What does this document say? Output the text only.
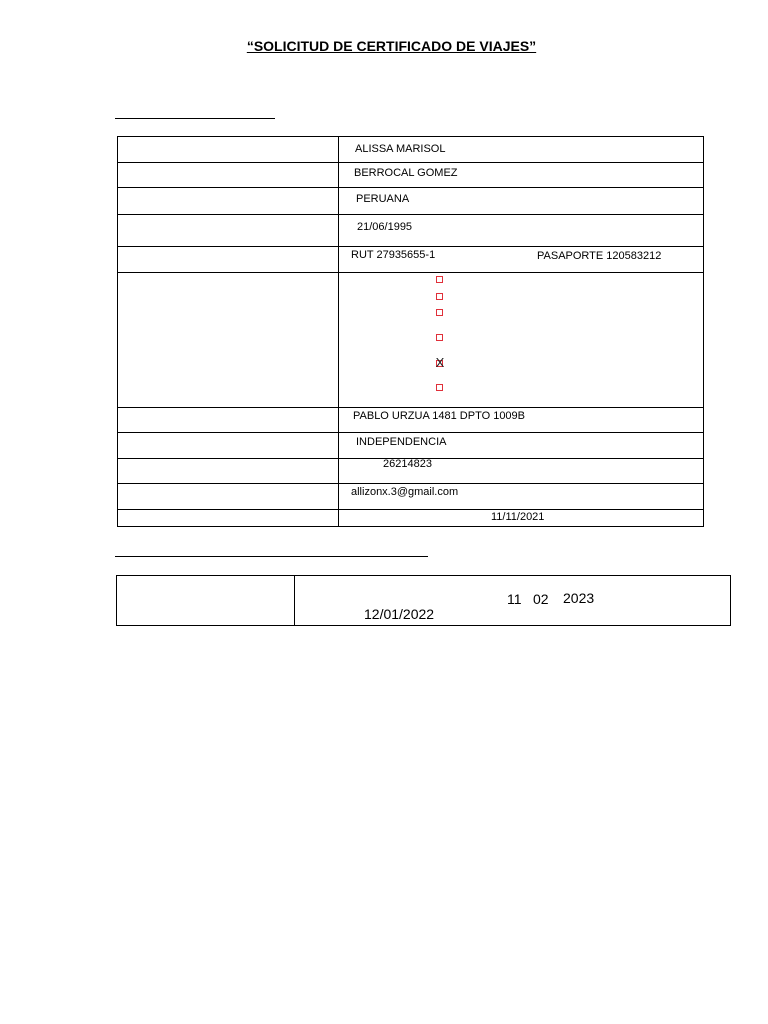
“SOLICITUD DE CERTIFICADO DE VIAJES”
ALISSA MARISOL
BERROCAL GOMEZ
PERUANA
21/06/1995
RUT 27935655-1	PASAPORTE 120583212
X
PABLO URZUA 1481 DPTO 1009B
INDEPENDENCIA
26214823
allizonx.3@gmail.com
11/11/2021
11 02 2023
12/01/2022
